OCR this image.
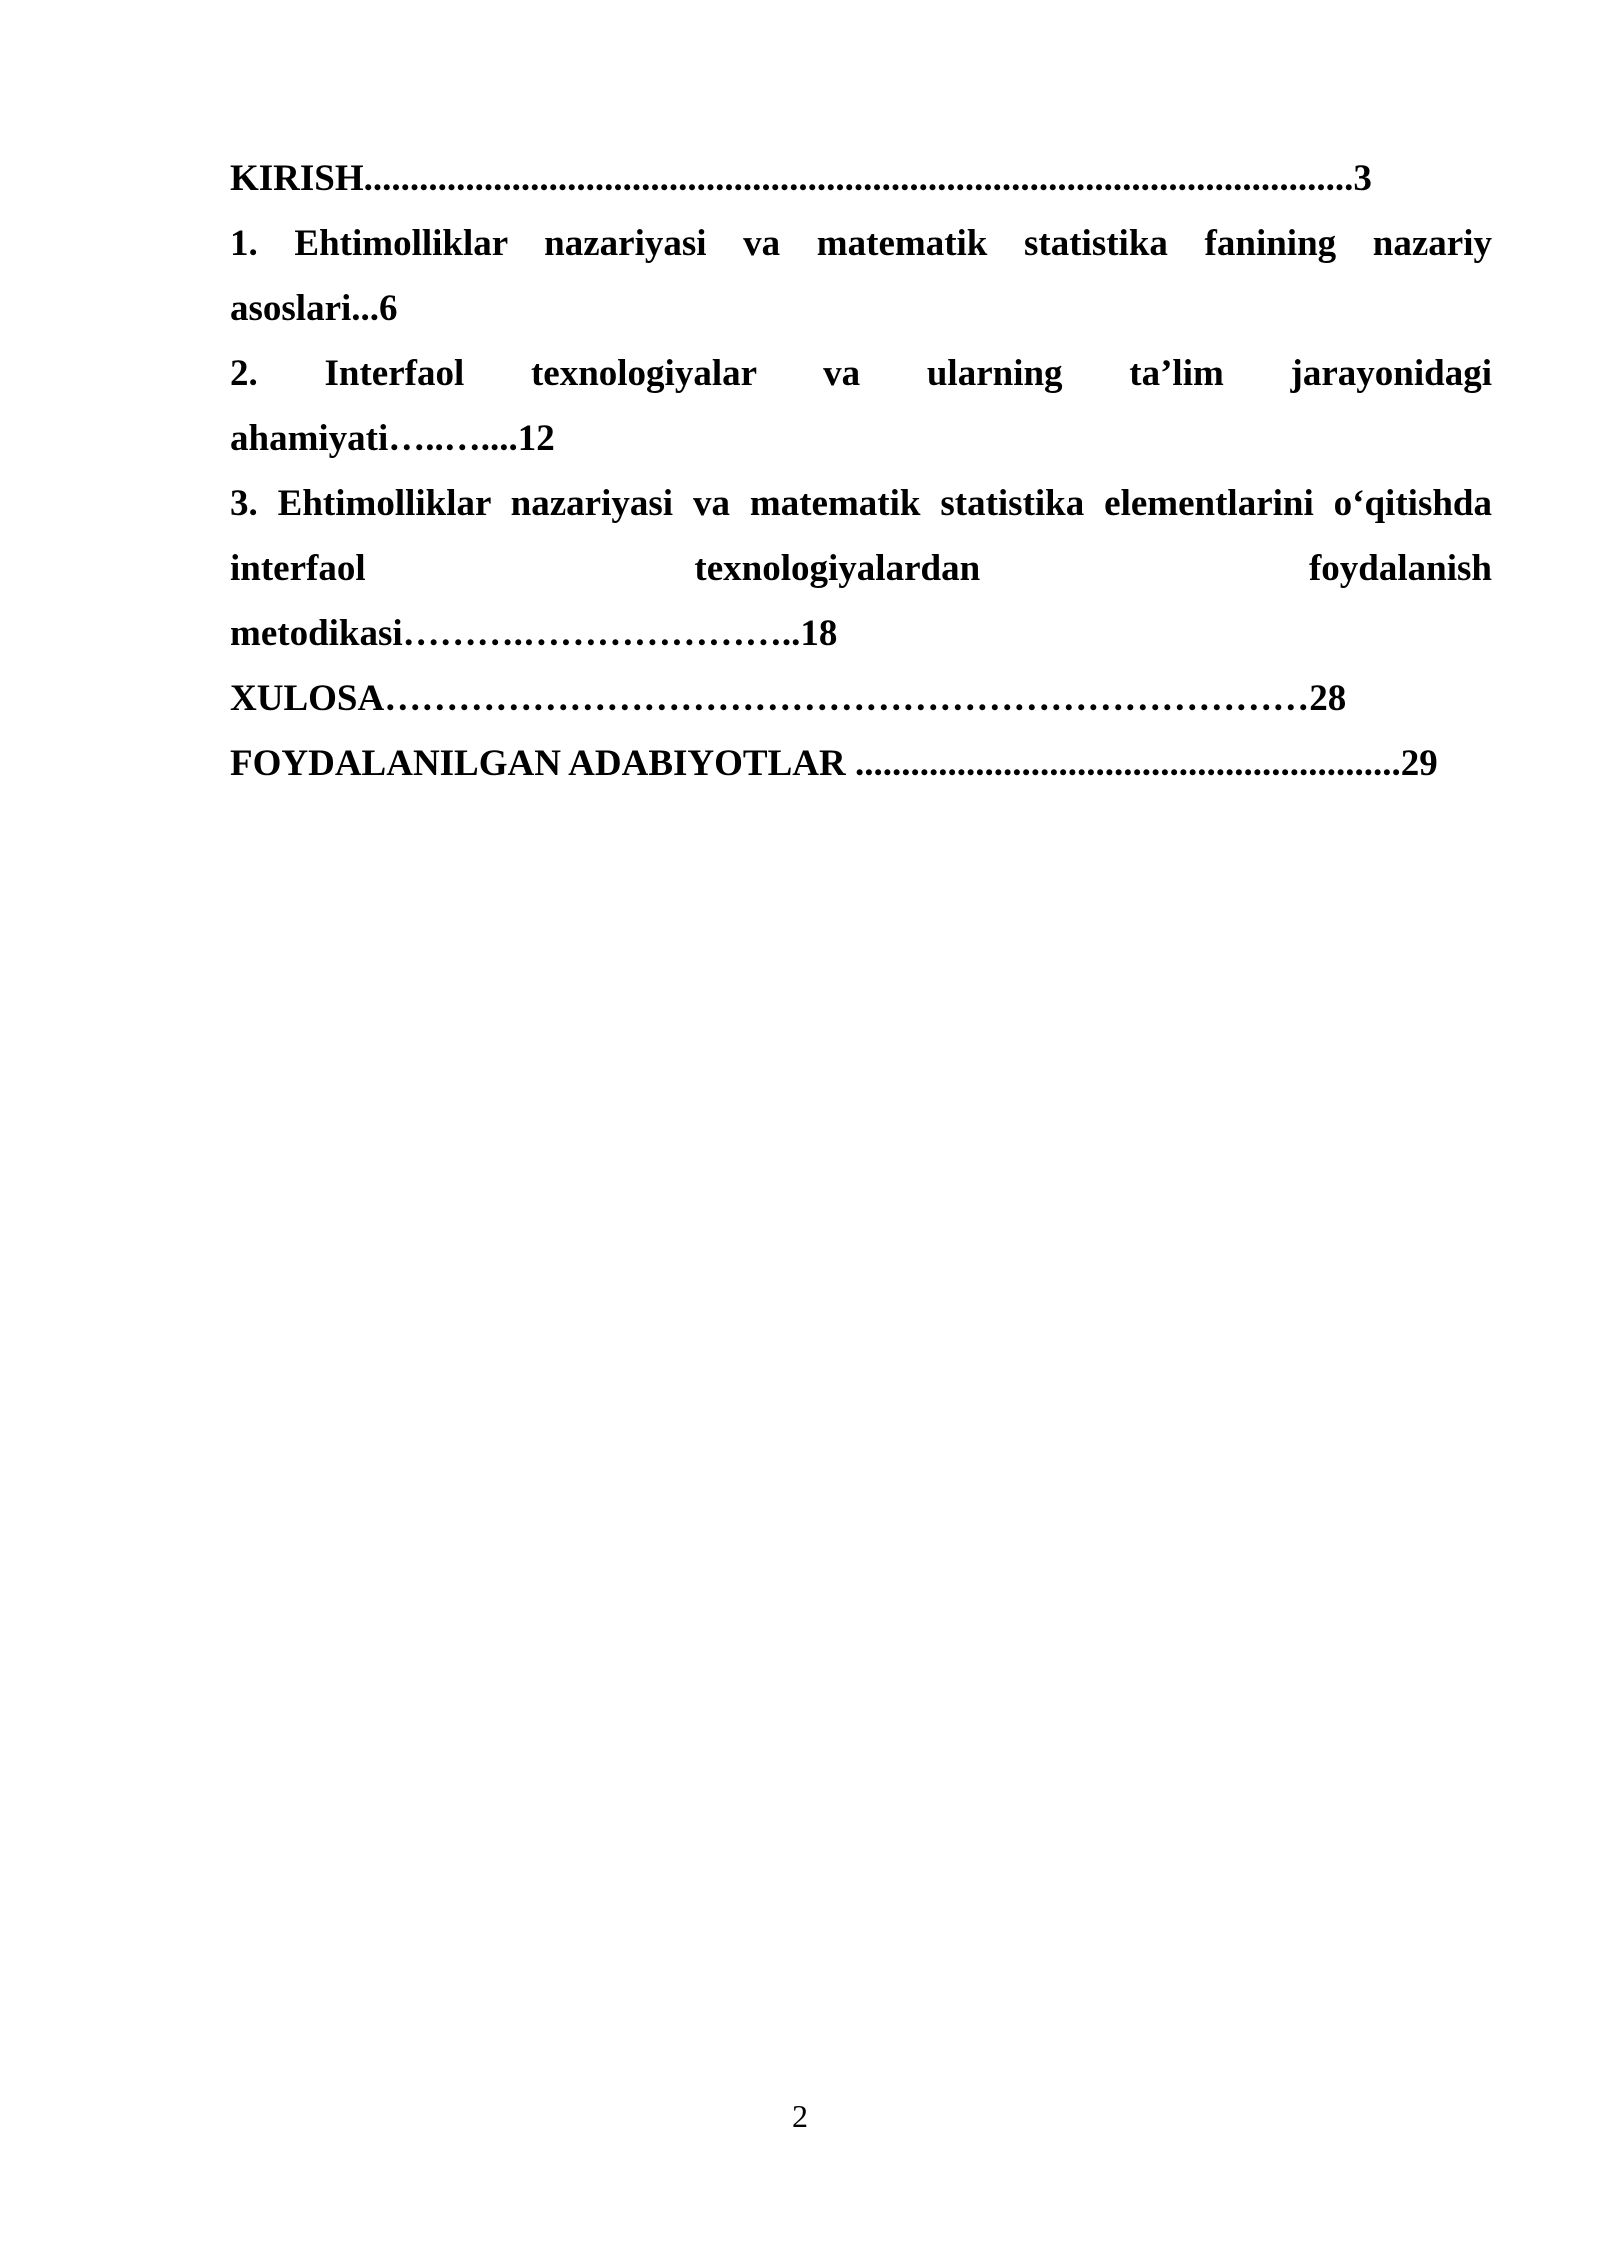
KIRISH...........................................................................................................3
1. Ehtimolliklar nazariyasi va matematik statistika fanining nazariy
asoslari...6
2. Interfaol texnologiyalar va ularning ta’lim jarayonidagi
ahamiyati…..…....12
3. Ehtimolliklar nazariyasi va matematik statistika elementlarini o‘qitishda
interfaol texnologiyalardan foydalanish
metodikasi……….…………………..18
XULOSA…………………………………………………………………28
FOYDALANILGAN ADABIYOTLAR ...........................................................29
2
